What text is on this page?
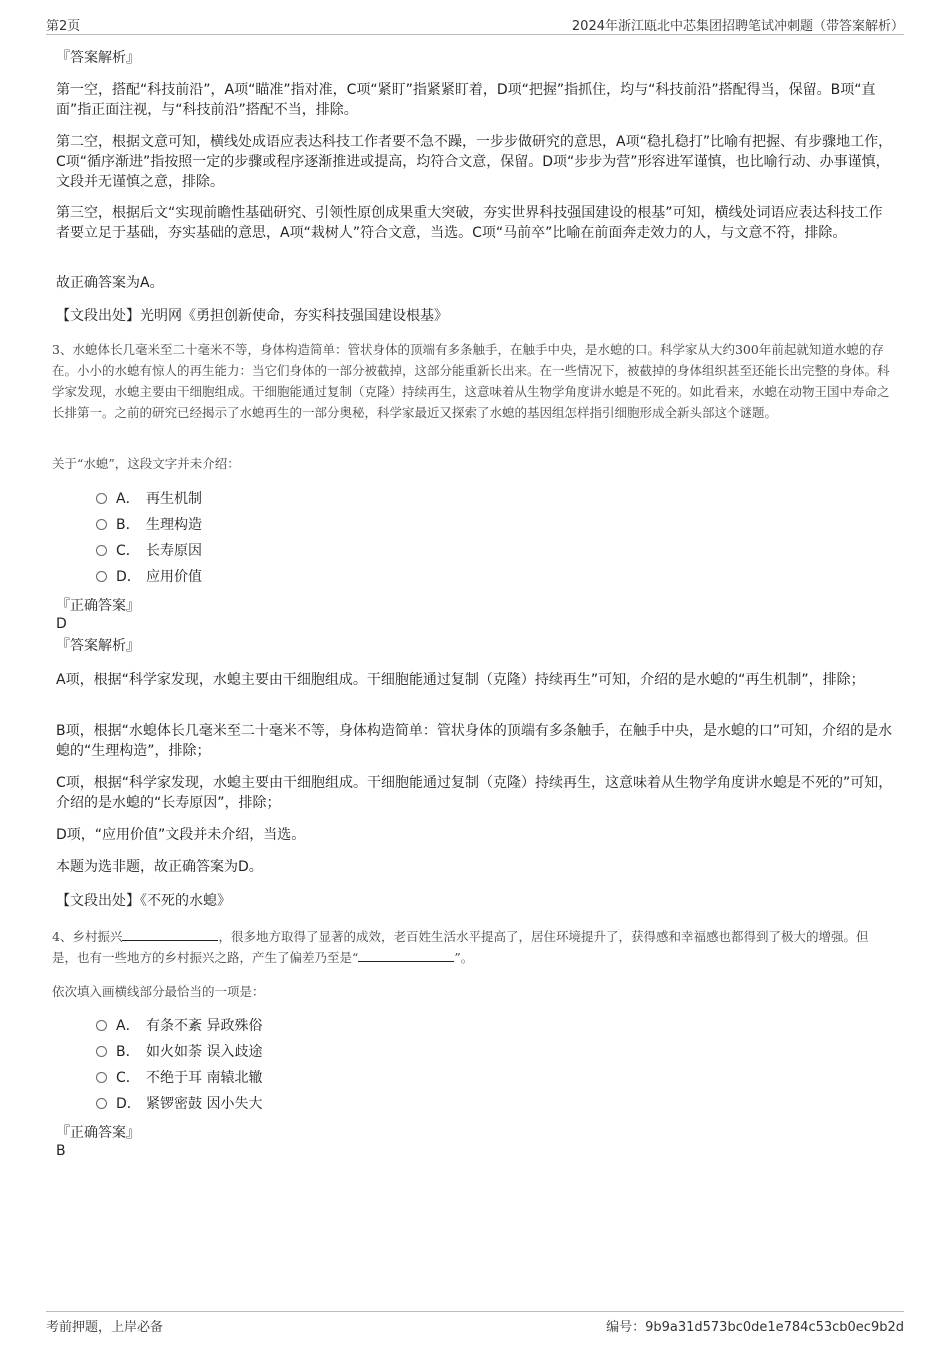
第2页	2024年浙江瓯北中芯集团招聘笔试冲刺题（带答案解析）
『答案解析』
第一空，搭配“科技前沿”，A项“瞄准”指对准，C项“紧盯”指紧紧盯着，D项“把握”指抓住，均与“科技前沿”搭配得当，保留。B项“直面”指正面注视，与“科技前沿”搭配不当，排除。
第二空，根据文意可知，横线处成语应表达科技工作者要不急不躁，一步步做研究的意思，A项“稳扎稳打”比喻有把握、有步骤地工作，C项“循序渐进”指按照一定的步骤或程序逐渐推进或提高，均符合文意，保留。D项“步步为营”形容进军谨慎，也比喻行动、办事谨慎，文段并无谨慎之意，排除。
第三空，根据后文“实现前瞻性基础研究、引领性原创成果重大突破，夯实世界科技强国建设的根基”可知，横线处词语应表达科技工作者要立足于基础，夯实基础的意思，A项“栽树人”符合文意，当选。C项“马前卒”比喻在前面奔走效力的人，与文意不符，排除。
故正确答案为A。
【文段出处】光明网《勇担创新使命，夯实科技强国建设根基》
3、水螅体长几毫米至二十毫米不等，身体构造简单：管状身体的顶端有多条触手，在触手中央，是水螅的口。科学家从大约300年前起就知道水螅的存在。小小的水螅有惊人的再生能力：当它们身体的一部分被截掉，这部分能重新长出来。在一些情况下，被截掉的身体组织甚至还能长出完整的身体。科学家发现，水螅主要由干细胞组成。干细胞能通过复制（克隆）持续再生，这意味着从生物学角度讲水螅是不死的。如此看来，水螅在动物王国中寿命之长排第一。之前的研究已经揭示了水螅再生的一部分奥秘，科学家最近又探索了水螅的基因组怎样指引细胞形成全新头部这个谜题。
关于“水螅”，这段文字并未介绍：
A． 再生机制
B． 生理构造
C． 长寿原因
D． 应用价值
『正确答案』
D
『答案解析』
A项，根据“科学家发现，水螅主要由干细胞组成。干细胞能通过复制（克隆）持续再生”可知，介绍的是水螅的“再生机制”，排除；
B项，根据“水螅体长几毫米至二十毫米不等，身体构造简单：管状身体的顶端有多条触手，在触手中央，是水螅的口”可知，介绍的是水螅的“生理构造”，排除；
C项，根据“科学家发现，水螅主要由干细胞组成。干细胞能通过复制（克隆）持续再生，这意味着从生物学角度讲水螅是不死的”可知，介绍的是水螅的“长寿原因”，排除；
D项，“应用价值”文段并未介绍，当选。
本题为选非题，故正确答案为D。
【文段出处】《不死的水螅》
4、乡村振兴	，很多地方取得了显著的成效，老百姓生活水平提高了，居住环境提升了，获得感和幸福感也都得到了极大的增强。但是，也有一些地方的乡村振兴之路，产生了偏差乃至是“	”。
依次填入画横线部分最恰当的一项是：
A． 有条不紊 异政殊俗
B． 如火如荼 误入歧途
C． 不绝于耳 南辕北辙
D． 紧锣密鼓 因小失大
『正确答案』
B
考前押题，上岸必备	编号：9b9a31d573bc0de1e784c53cb0ec9b2d
